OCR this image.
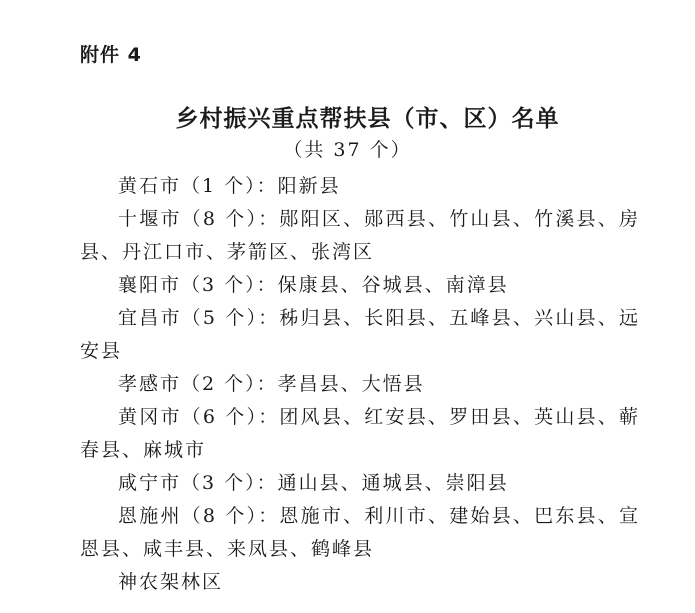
附件 4
乡村振兴重点帮扶县（市、区）名单
（共 37 个）

黄石市（1 个）：阳新县

十堰市（8 个）：郧阳区、郧西县、竹山县、竹溪县、房县、丹江口市、茅箭区、张湾区

襄阳市（3 个）：保康县、谷城县、南漳县

宜昌市（5 个）：秭归县、长阳县、五峰县、兴山县、远安县

孝感市（2 个）：孝昌县、大悟县

黄冈市（6 个）：团风县、红安县、罗田县、英山县、蕲春县、麻城市

咸宁市（3 个）：通山县、通城县、崇阳县

恩施州（8 个）：恩施市、利川市、建始县、巴东县、宣恩县、咸丰县、来凤县、鹤峰县

神农架林区
